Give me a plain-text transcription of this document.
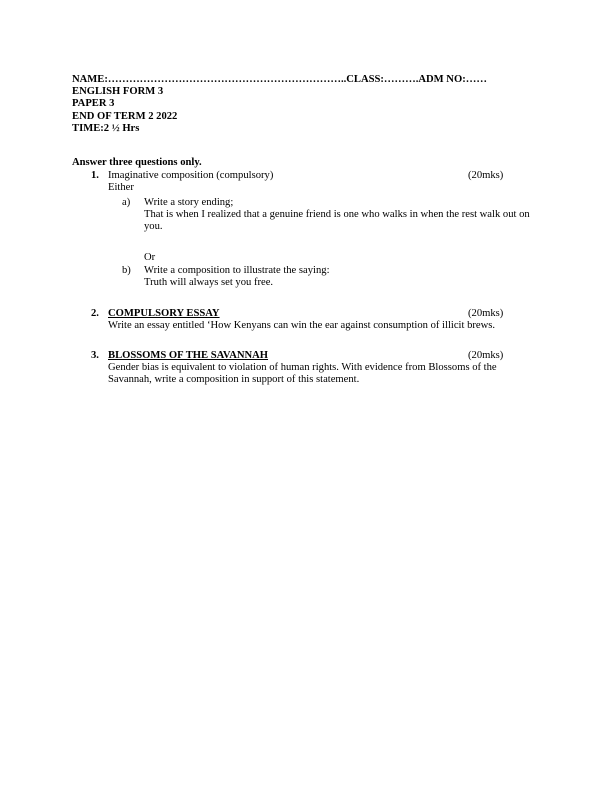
NAME:…………………………………………………………..CLASS:……….ADM NO:……
ENGLISH FORM 3
PAPER 3
END OF TERM 2 2022
TIME:2 ½ Hrs
Answer three questions only.
1. Imaginative composition (compulsory)	(20mks)
Either
a) Write a story ending;
That is when I realized that a genuine friend is one who walks in when the rest walk out on you.
Or
b) Write a composition to illustrate the saying:
Truth will always set you free.
2. COMPULSORY ESSAY	(20mks)
Write an essay entitled ‘How Kenyans can win the ear against consumption of illicit brews.
3. BLOSSOMS OF THE SAVANNAH	(20mks)
Gender bias is equivalent to violation of human rights. With evidence from Blossoms of the Savannah, write a composition in support of this statement.
